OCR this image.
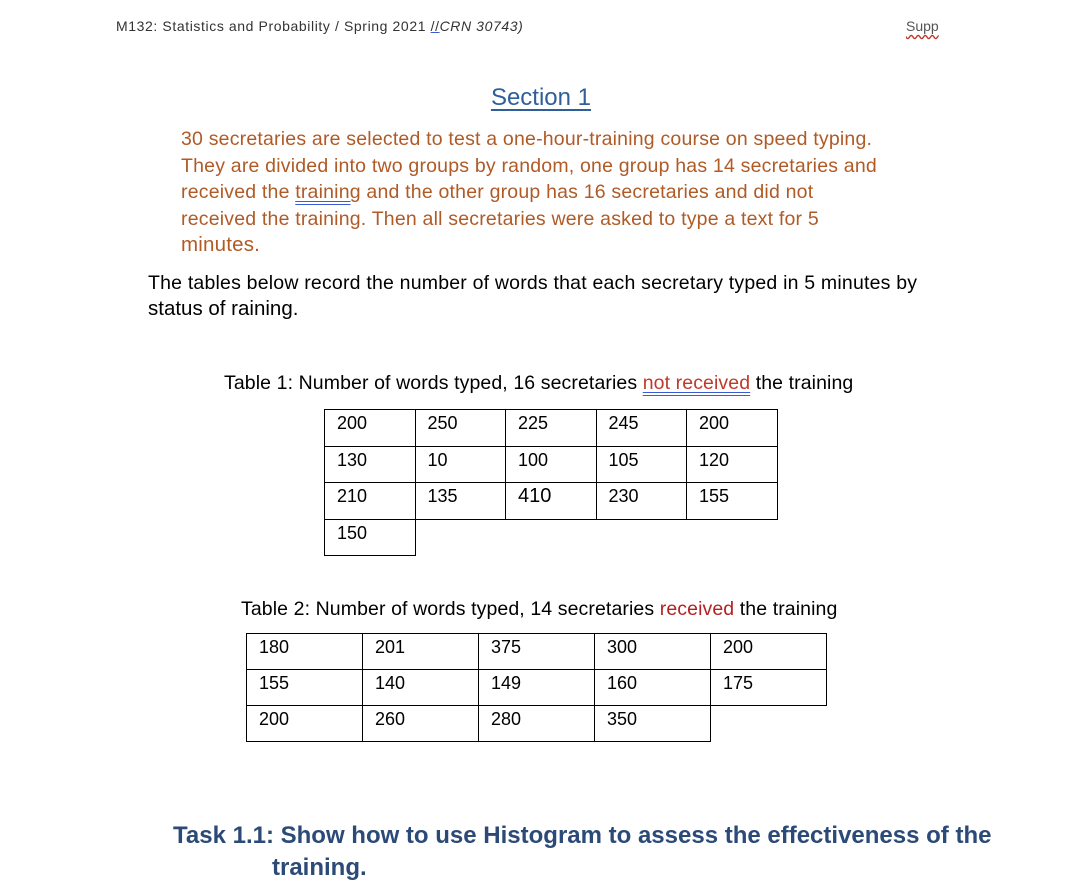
M132: Statistics and Probability / Spring 2021 //CRN 30743)	Supp
Section 1
30 secretaries are selected to test a one-hour-training course on speed typing.
They are divided into two groups by random, one group has 14 secretaries and
received the training and the other group has 16 secretaries and did not
received the training. Then all secretaries were asked to type a text for 5
minutes.
The tables below record the number of words that each secretary typed in 5 minutes by
status of raining.
Table 1: Number of words typed, 16 secretaries not received the training
200	250	225	245	200
130	10	100	105	120
210	135	410	230	155
150				
Table 2: Number of words typed, 14 secretaries received the training
180	201	375	300	200
155	140	149	160	175
200	260	280	350	
Task 1.1: Show how to use Histogram to assess the effectiveness of the
training.
